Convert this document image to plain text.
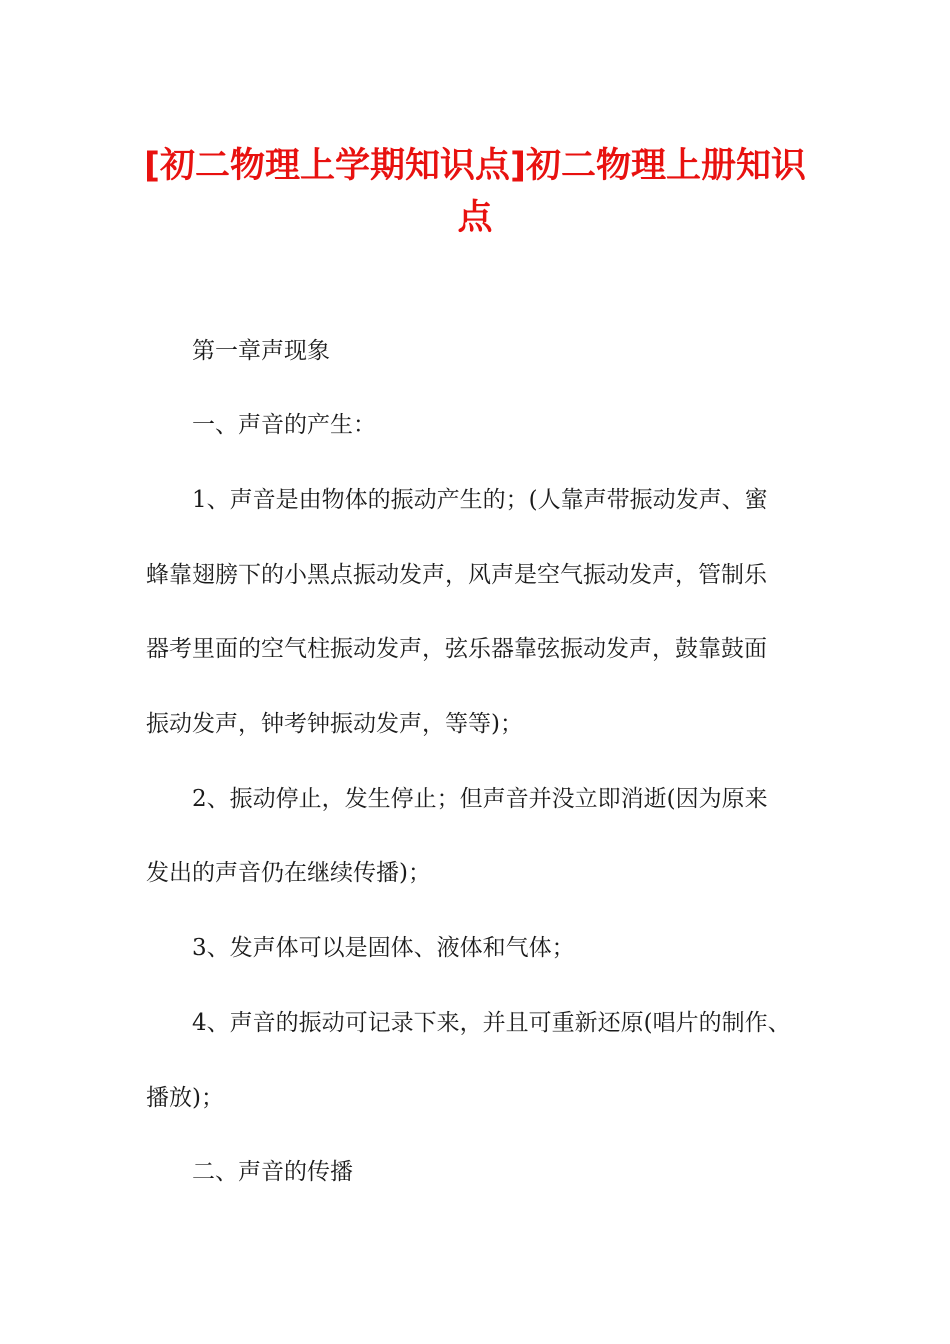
[初二物理上学期知识点]初二物理上册知识点
第一章声现象
一、声音的产生：
1、声音是由物体的振动产生的；(人靠声带振动发声、蜜
蜂靠翅膀下的小黑点振动发声，风声是空气振动发声，管制乐
器考里面的空气柱振动发声，弦乐器靠弦振动发声，鼓靠鼓面
振动发声，钟考钟振动发声，等等)；
2、振动停止，发生停止；但声音并没立即消逝(因为原来
发出的声音仍在继续传播)；
3、发声体可以是固体、液体和气体；
4、声音的振动可记录下来，并且可重新还原(唱片的制作、
播放)；
二、声音的传播
